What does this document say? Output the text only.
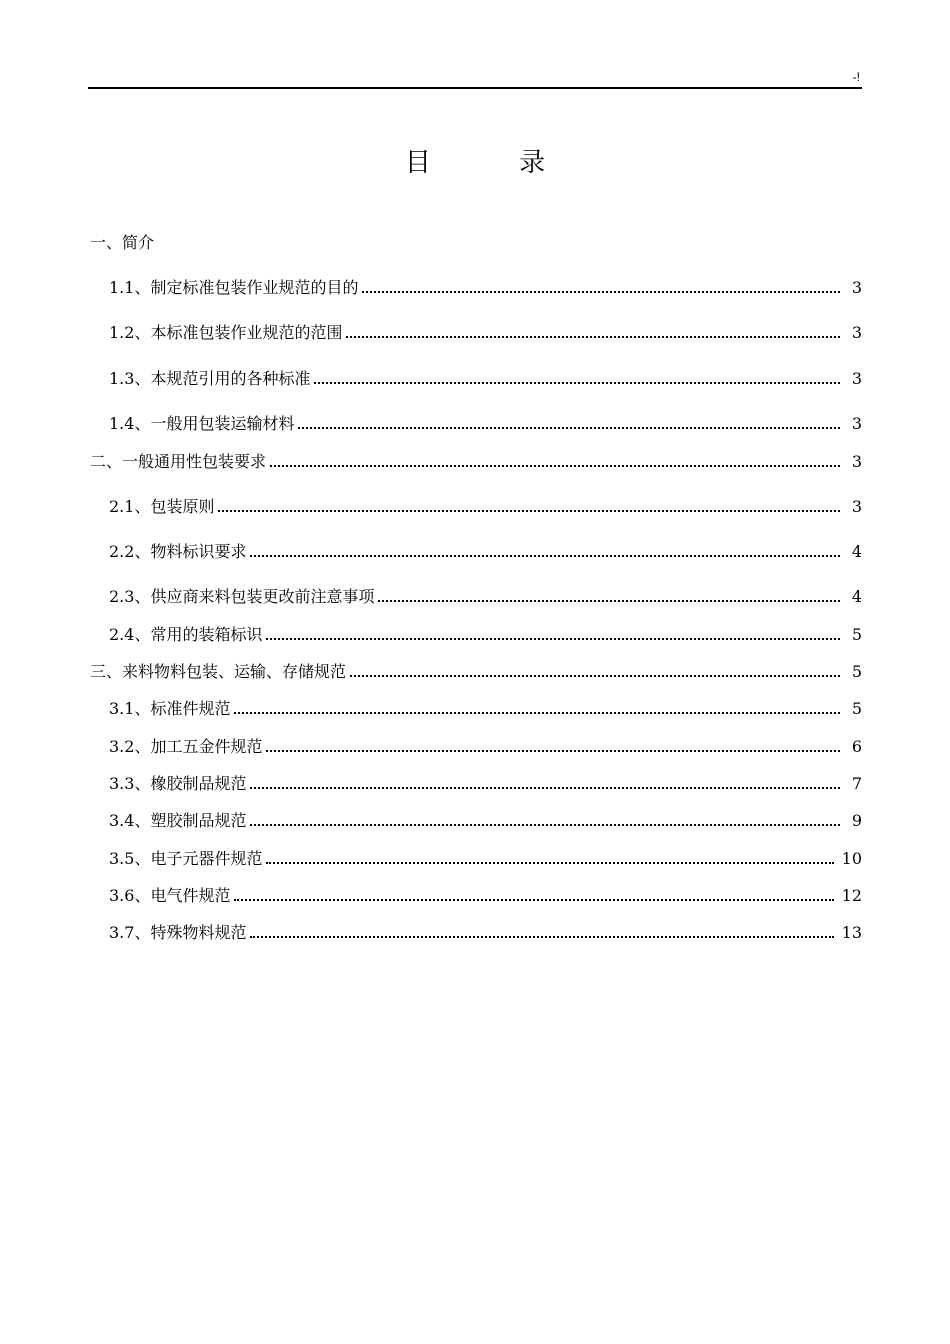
-!
目 录
一、简介
1.1、制定标准包装作业规范的目的	3
1.2、本标准包装作业规范的范围	3
1.3、本规范引用的各种标准	3
1.4、一般用包装运输材料	3
二、一般通用性包装要求	3
2.1、包装原则	3
2.2、物料标识要求	4
2.3、供应商来料包装更改前注意事项	4
2.4、常用的装箱标识	5
三、来料物料包装、运输、存储规范	5
3.1、标准件规范	5
3.2、加工五金件规范	6
3.3、橡胶制品规范	7
3.4、塑胶制品规范	9
3.5、电子元器件规范	10
3.6、电气件规范	12
3.7、特殊物料规范	13
